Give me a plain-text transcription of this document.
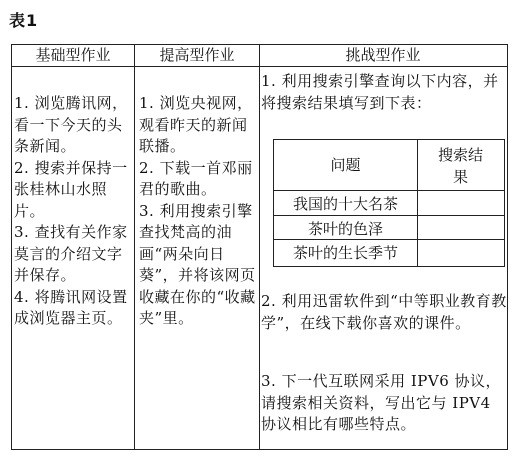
表1
基础型作业	提高型作业	挑战型作业

1. 浏览腾讯网，看一下今天的头条新闻。

2. 搜索并保持一张桂林山水照片。

3. 查找有关作家莫言的介绍文字并保存。

4. 将腾讯网设置成浏览器主页。

1. 浏览央视网，观看昨天的新闻联播。

2. 下载一首邓丽君的歌曲。

3. 利用搜索引擎查找梵高的油画“两朵向日葵”，并将该网页收藏在你的“收藏夹”里。

1. 利用搜索引擎查询以下内容，并将搜索结果填写到下表：

问题
搜索结果
我国的十大名茶
茶叶的色泽
茶叶的生长季节

2. 利用迅雷软件到“中等职业教育教学”，在线下载你喜欢的课件。

3. 下一代互联网采用 IPV6 协议，请搜索相关资料，写出它与 IPV4 协议相比有哪些特点。
